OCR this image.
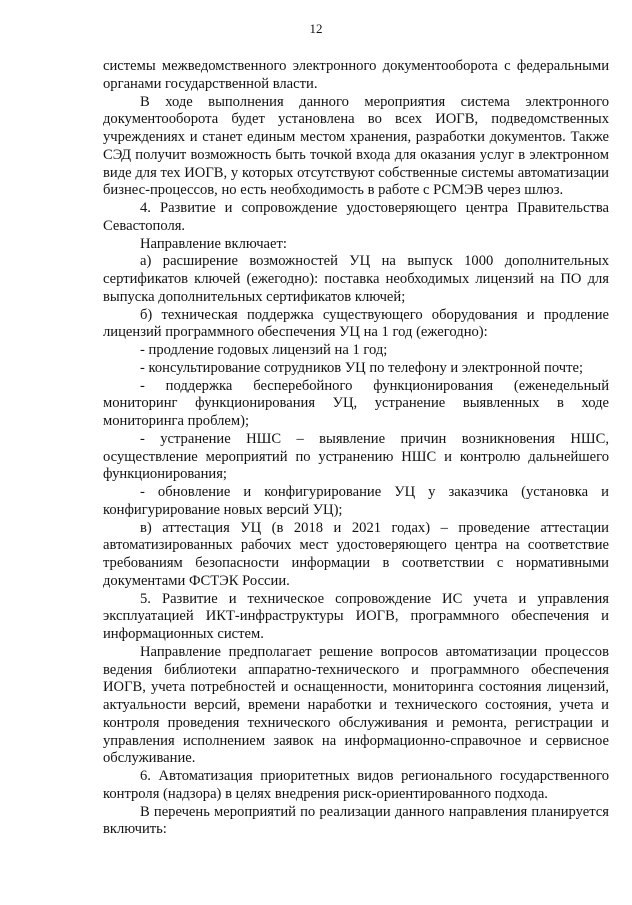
12

системы межведомственного электронного документооборота с федеральными органами государственной власти.

В ходе выполнения данного мероприятия система электронного документооборота будет установлена во всех ИОГВ, подведомственных учреждениях и станет единым местом хранения, разработки документов. Также СЭД получит возможность быть точкой входа для оказания услуг в электронном виде для тех ИОГВ, у которых отсутствуют собственные системы автоматизации бизнес-процессов, но есть необходимость в работе с РСМЭВ через шлюз.

4. Развитие и сопровождение удостоверяющего центра Правительства Севастополя.

Направление включает:

а) расширение возможностей УЦ на выпуск 1000 дополнительных сертификатов ключей (ежегодно): поставка необходимых лицензий на ПО для выпуска дополнительных сертификатов ключей;

б) техническая поддержка существующего оборудования и продление лицензий программного обеспечения УЦ на 1 год (ежегодно):

- продление годовых лицензий на 1 год;

- консультирование сотрудников УЦ по телефону и электронной почте;

- поддержка бесперебойного функционирования (еженедельный мониторинг функционирования УЦ, устранение выявленных в ходе мониторинга проблем);

- устранение НШС – выявление причин возникновения НШС, осуществление мероприятий по устранению НШС и контролю дальнейшего функционирования;

- обновление и конфигурирование УЦ у заказчика (установка и конфигурирование новых версий УЦ);

в) аттестация УЦ (в 2018 и 2021 годах) – проведение аттестации автоматизированных рабочих мест удостоверяющего центра на соответствие требованиям безопасности информации в соответствии с нормативными документами ФСТЭК России.

5. Развитие и техническое сопровождение ИС учета и управления эксплуатацией ИКТ-инфраструктуры ИОГВ, программного обеспечения и информационных систем.

Направление предполагает решение вопросов автоматизации процессов ведения библиотеки аппаратно-технического и программного обеспечения ИОГВ, учета потребностей и оснащенности, мониторинга состояния лицензий, актуальности версий, времени наработки и технического состояния, учета и контроля проведения технического обслуживания и ремонта, регистрации и управления исполнением заявок на информационно-справочное и сервисное обслуживание.

6. Автоматизация приоритетных видов регионального государственного контроля (надзора) в целях внедрения риск-ориентированного подхода.

В перечень мероприятий по реализации данного направления планируется включить:
